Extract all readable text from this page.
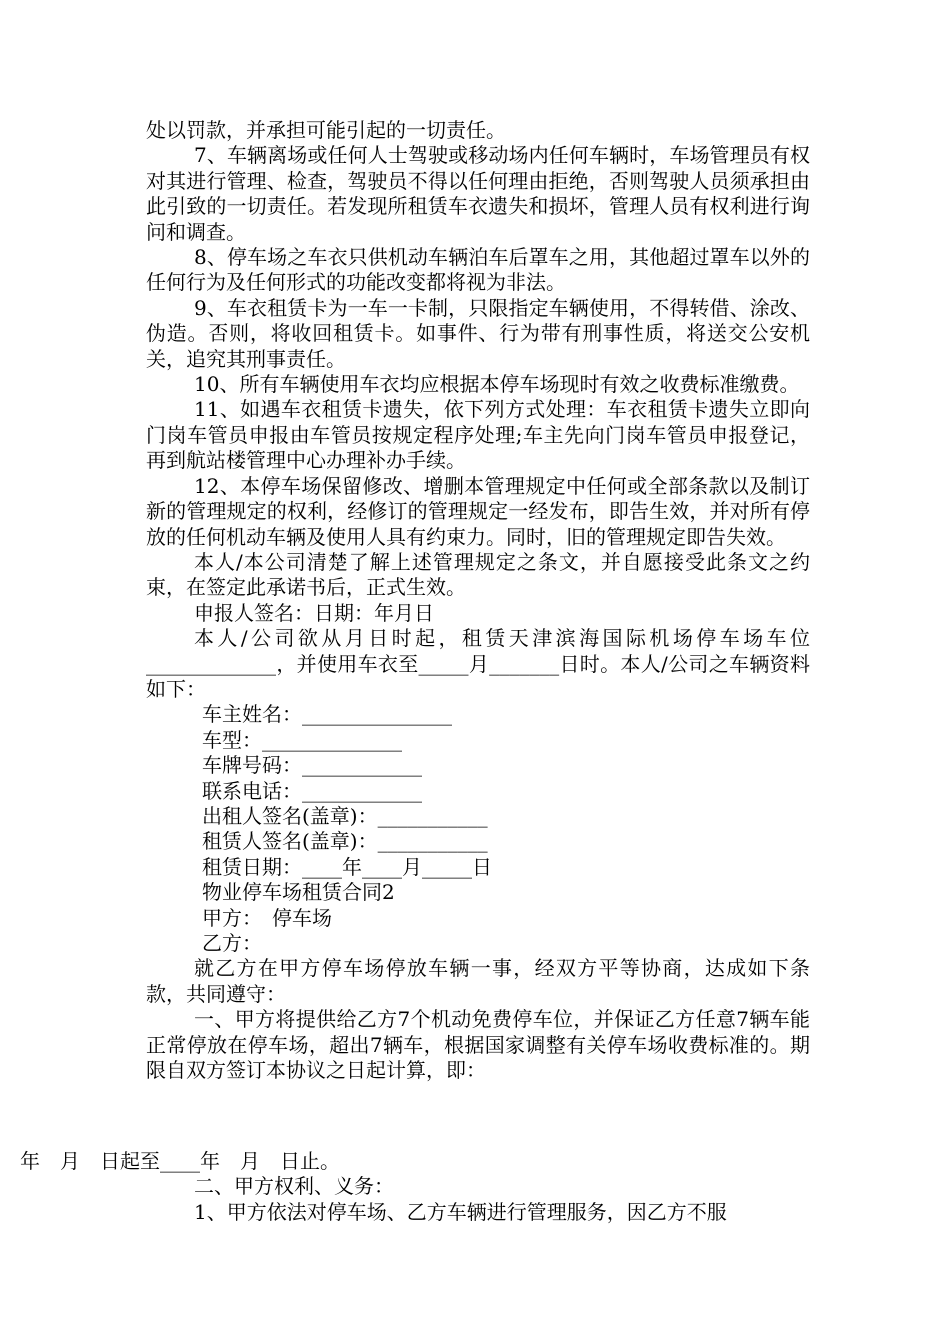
处以罚款，并承担可能引起的一切责任。

7、车辆离场或任何人士驾驶或移动场内任何车辆时，车场管理员有权对其进行管理、检查，驾驶员不得以任何理由拒绝，否则驾驶人员须承担由此引致的一切责任。若发现所租赁车衣遗失和损坏，管理人员有权利进行询问和调查。

8、停车场之车衣只供机动车辆泊车后罩车之用，其他超过罩车以外的任何行为及任何形式的功能改变都将视为非法。

9、车衣租赁卡为一车一卡制，只限指定车辆使用，不得转借、涂改、伪造。否则，将收回租赁卡。如事件、行为带有刑事性质，将送交公安机关，追究其刑事责任。

10、所有车辆使用车衣均应根据本停车场现时有效之收费标准缴费。

11、如遇车衣租赁卡遗失，依下列方式处理：车衣租赁卡遗失立即向门岗车管员申报由车管员按规定程序处理;车主先向门岗车管员申报登记，再到航站楼管理中心办理补办手续。

12、本停车场保留修改、增删本管理规定中任何或全部条款以及制订新的管理规定的权利，经修订的管理规定一经发布，即告生效，并对所有停放的任何机动车辆及使用人具有约束力。同时，旧的管理规定即告失效。

本人/本公司清楚了解上述管理规定之条文，并自愿接受此条文之约束，在签定此承诺书后，正式生效。

申报人签名：日期：年月日

本人/公司欲从月日时起，租赁天津滨海国际机场停车场车位_____________，并使用车衣至_____月_______日时。本人/公司之车辆资料如下：

车主姓名：_______________

车型：______________

车牌号码：____________

联系电话：____________

出租人签名(盖章)：___________

租赁人签名(盖章)：___________

租赁日期：____年____月_____日

物业停车场租赁合同2

甲方：　停车场

乙方：

就乙方在甲方停车场停放车辆一事，经双方平等协商，达成如下条款，共同遵守：

一、甲方将提供给乙方7个机动免费停车位，并保证乙方任意7辆车能正常停放在停车场，超出7辆车，根据国家调整有关停车场收费标准的。期限自双方签订本协议之日起计算，即：

年　月　日起至____年　月　日止。

二、甲方权利、义务：

1、甲方依法对停车场、乙方车辆进行管理服务，因乙方不服
